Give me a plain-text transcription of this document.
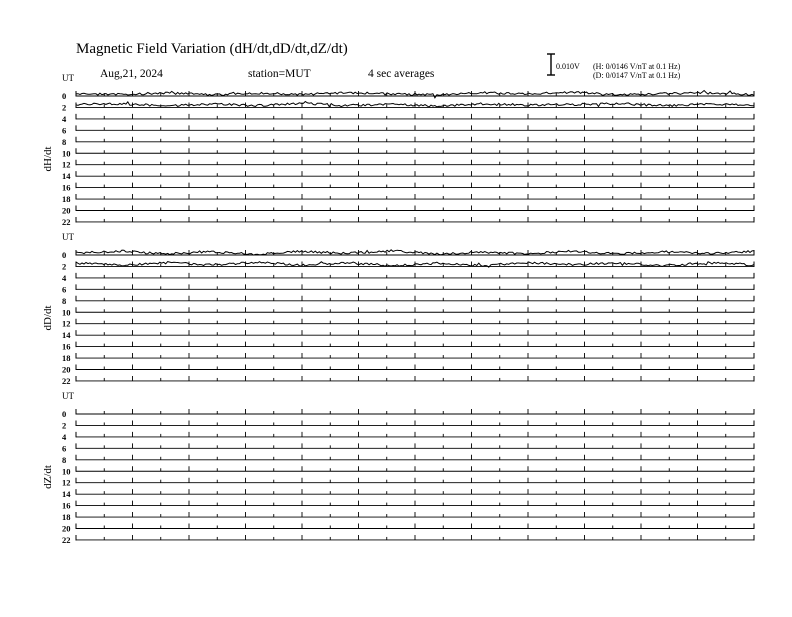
Magnetic Field Variation (dH/dt,dD/dt,dZ/dt)
Aug,21, 2024	station=MUT	4 sec averages
0.010V (H: 0/0146 V/nT at 0.1 Hz)
(D: 0/0147 V/nT at 0.1 Hz)
UT
dH/dt
0
2
4
6
8
10
12
14
16
18
20
22
UT
dD/dt
0
2
4
6
8
10
12
14
16
18
20
22
UT
dZ/dt
0
2
4
6
8
10
12
14
16
18
20
22
